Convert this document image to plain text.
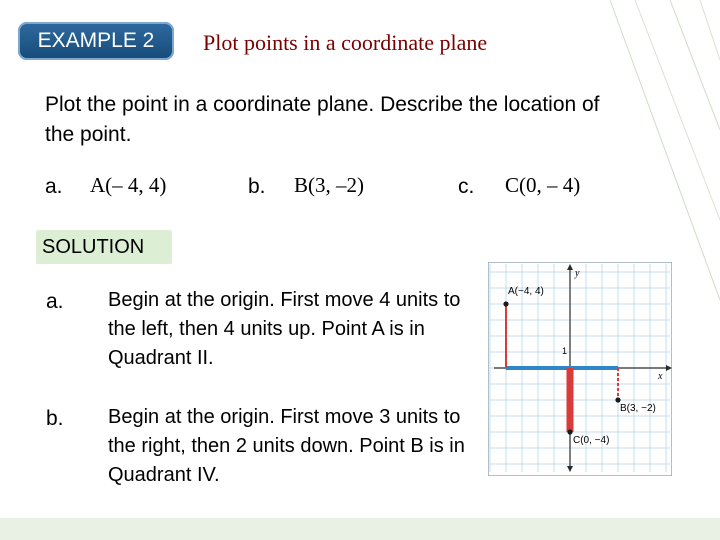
EXAMPLE 2	Plot points in a coordinate plane
Plot the point in a coordinate plane. Describe the location of the point.
a. A(– 4, 4)	b. B(3, –2)	c. C(0, – 4)
SOLUTION
a. Begin at the origin. First move 4 units to the left, then 4 units up. Point A is in Quadrant II.
b. Begin at the origin. First move 3 units to the right, then 2 units down. Point B is in Quadrant IV.
y
x
1
A(−4, 4)
B(3, −2)
C(0, −4)
